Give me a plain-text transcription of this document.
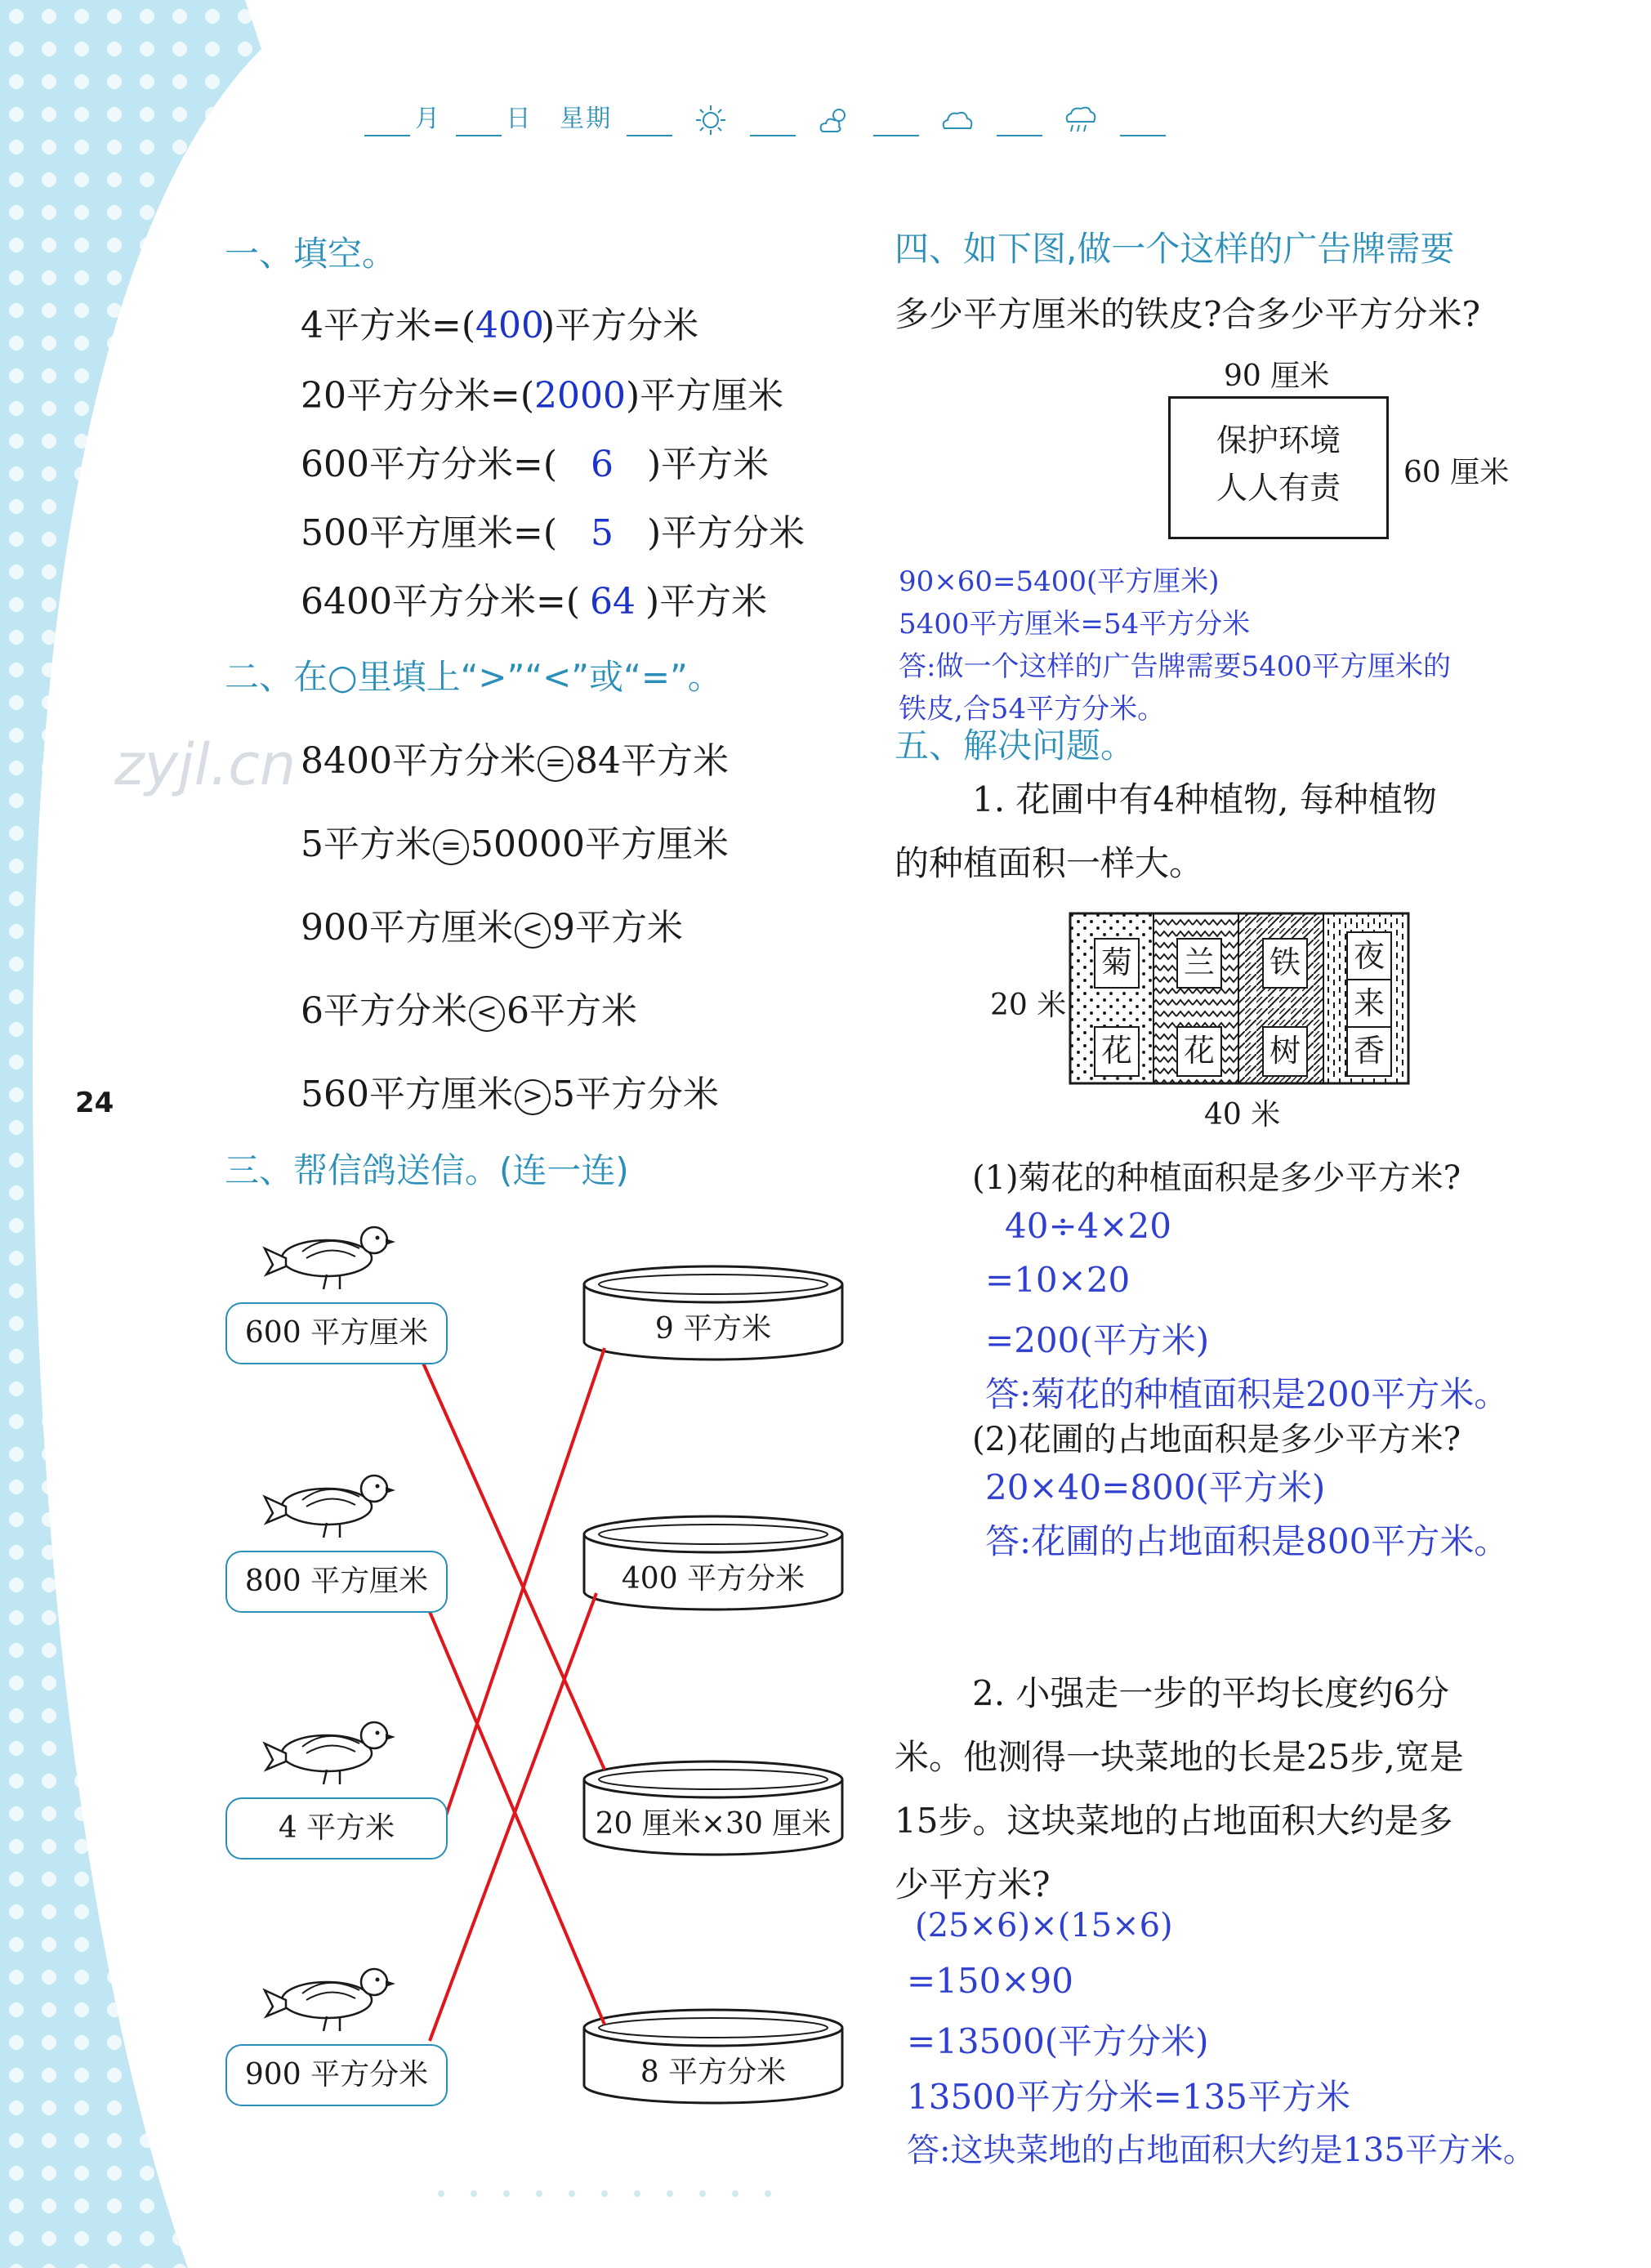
月	日 星期
zyjl.cn
24
一、填空。
4平方米=(400)平方分米
20平方分米=(2000)平方厘米
600平方分米=( 6 )平方米
500平方厘米=( 5 )平方分米
6400平方分米=( 64 )平方米
二、在○里填上“>”“<”或“=”。
8400平方分米 = 84平方米
5平方米 = 50000平方厘米
900平方厘米 < 9平方米
6平方分米 < 6平方米
560平方厘米 > 5平方分米
三、帮信鸽送信。(连一连)
600 平方厘米
800 平方厘米
4 平方米
900 平方分米
9 平方米
400 平方分米
20 厘米×30 厘米
8 平方分米
四、如下图,做一个这样的广告牌需要
多少平方厘米的铁皮?合多少平方分米?
90 厘米
60 厘米
保护环境
人人有责
90×60=5400(平方厘米)
5400平方厘米=54平方分米
答:做一个这样的广告牌需要5400平方厘米的
铁皮,合54平方分米。
五、解决问题。
1. 花圃中有4种植物, 每种植物
的种植面积一样大。
菊
花
兰
花
铁
树
夜
来
香
20 米
40 米
(1)菊花的种植面积是多少平方米?
40÷4×20
=10×20
=200(平方米)
答:菊花的种植面积是200平方米。
(2)花圃的占地面积是多少平方米?
20×40=800(平方米)
答:花圃的占地面积是800平方米。
2. 小强走一步的平均长度约6分
米。他测得一块菜地的长是25步,宽是
15步。这块菜地的占地面积大约是多
少平方米?
(25×6)×(15×6)
=150×90
=13500(平方分米)
13500平方分米=135平方米
答:这块菜地的占地面积大约是135平方米。
